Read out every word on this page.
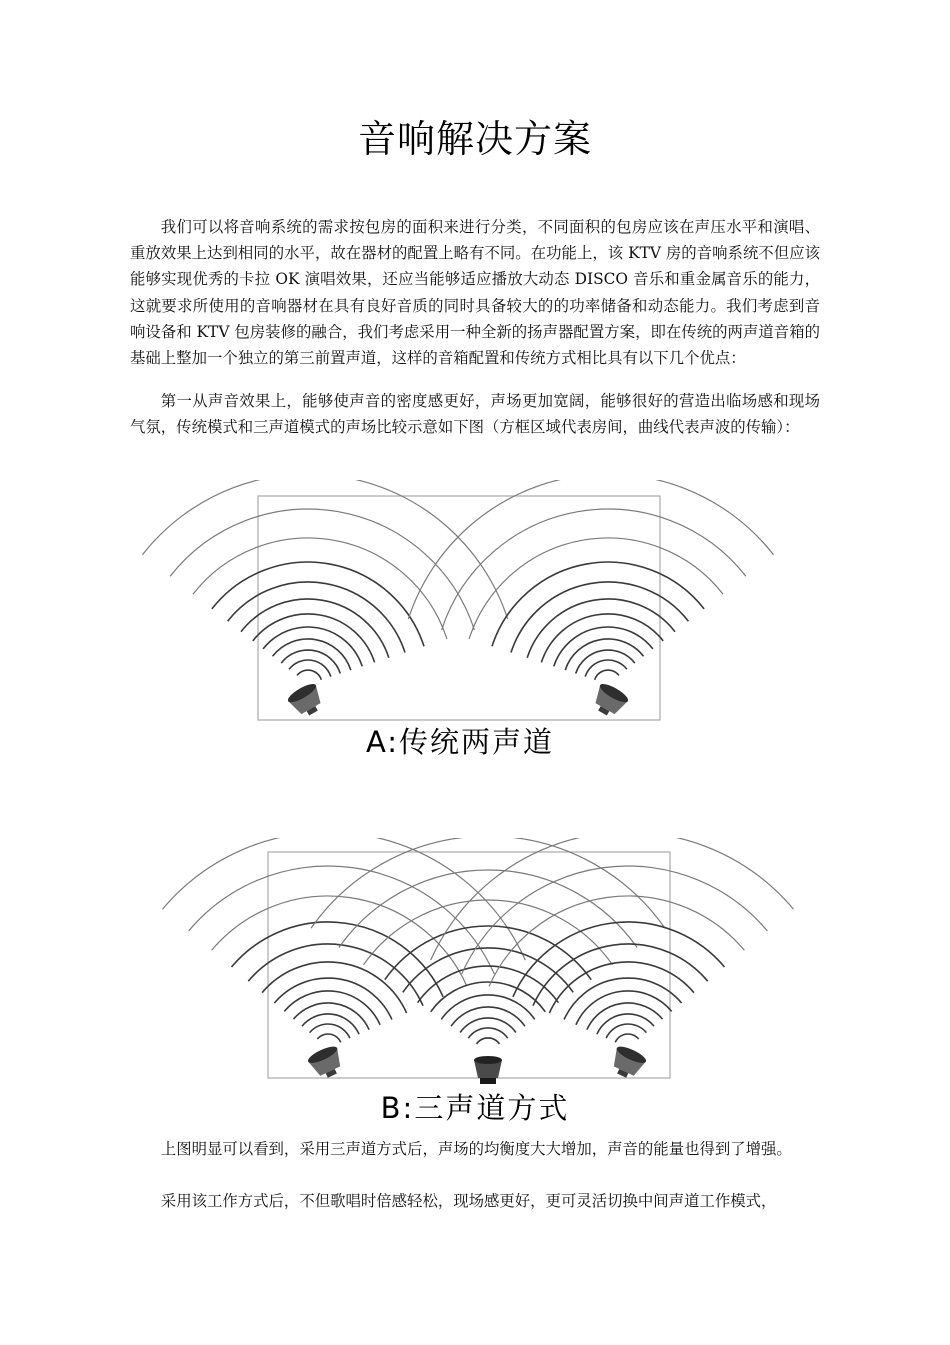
音响解决方案

我们可以将音响系统的需求按包房的面积来进行分类，不同面积的包房应该在声压水平和演唱、重放效果上达到相同的水平，故在器材的配置上略有不同。在功能上，该 KTV 房的音响系统不但应该能够实现优秀的卡拉 OK 演唱效果，还应当能够适应播放大动态 DISCO 音乐和重金属音乐的能力，这就要求所使用的音响器材在具有良好音质的同时具备较大的的功率储备和动态能力。我们考虑到音响设备和 KTV 包房装修的融合，我们考虑采用一种全新的扬声器配置方案，即在传统的两声道音箱的基础上整加一个独立的第三前置声道，这样的音箱配置和传统方式相比具有以下几个优点：

第一从声音效果上，能够使声音的密度感更好，声场更加宽阔，能够很好的营造出临场感和现场气氛，传统模式和三声道模式的声场比较示意如下图（方框区域代表房间，曲线代表声波的传输）：

A:传统两声道
B:三声道方式

上图明显可以看到，采用三声道方式后，声场的均衡度大大增加，声音的能量也得到了增强。

采用该工作方式后，不但歌唱时倍感轻松，现场感更好，更可灵活切换中间声道工作模式，
